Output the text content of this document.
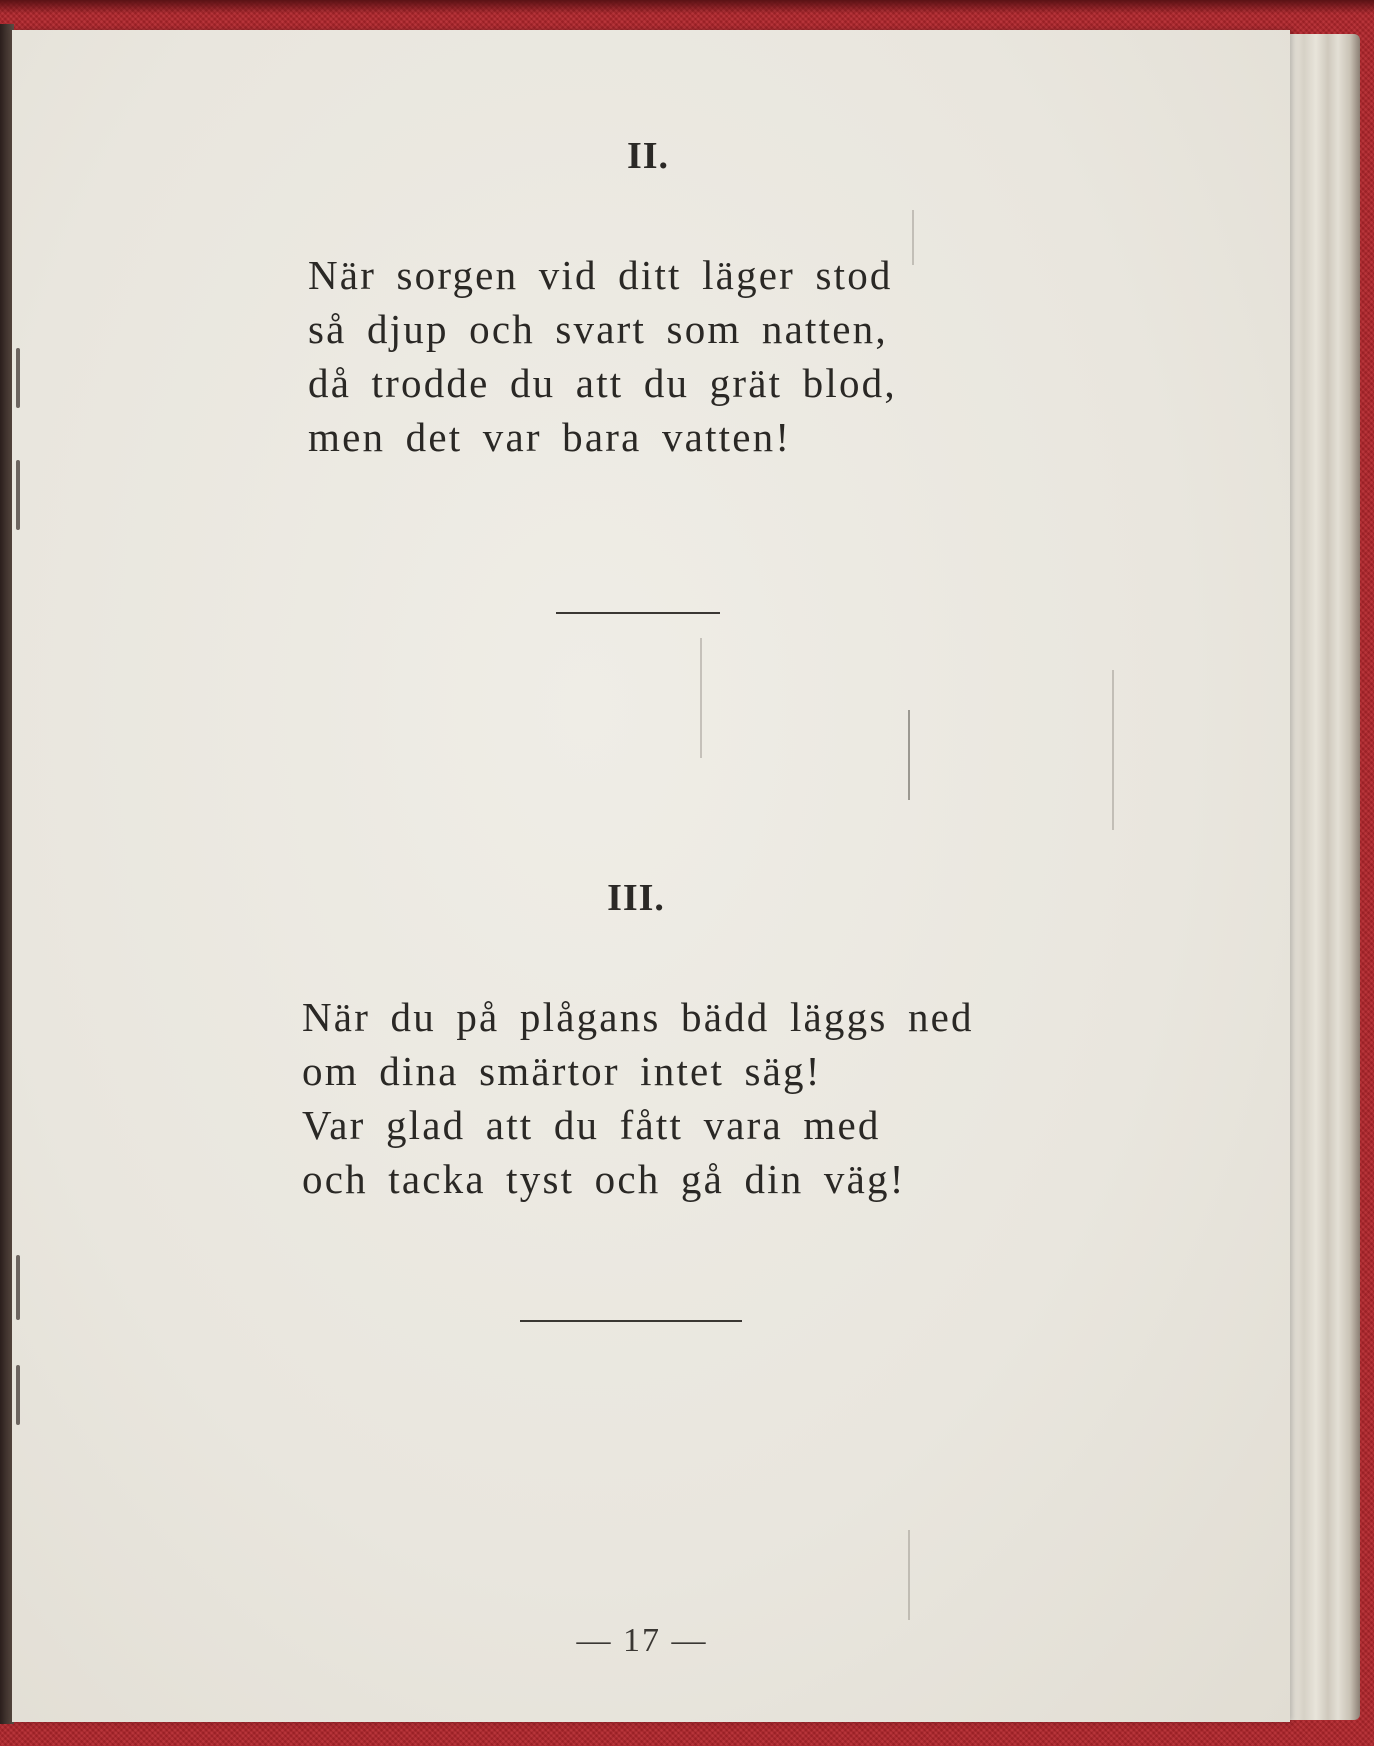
II.
När sorgen vid ditt läger stod
så djup och svart som natten,
då trodde du att du grät blod,
men det var bara vatten!
III.
När du på plågans bädd läggs ned
om dina smärtor intet säg!
Var glad att du fått vara med
och tacka tyst och gå din väg!

— 17 —
